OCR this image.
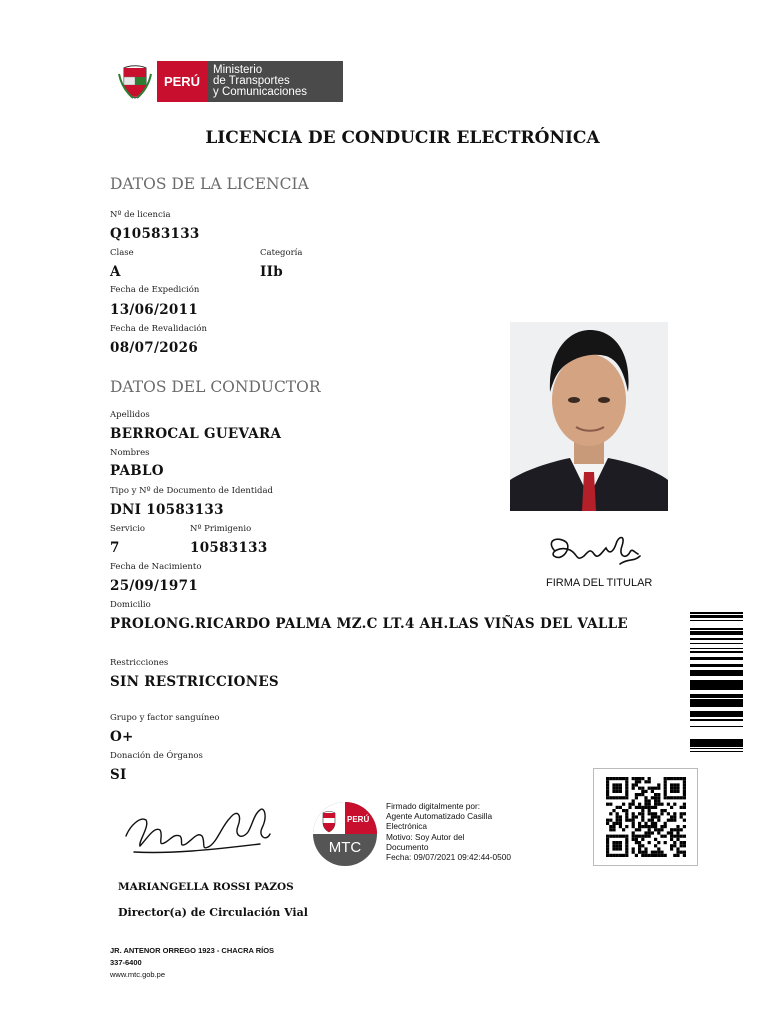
PERÚ
Ministerio
de Transportes
y Comunicaciones
LICENCIA DE CONDUCIR ELECTRÓNICA
DATOS DE LA LICENCIA
Nº de licencia
Q10583133
Clase
A
Categoría
IIb
Fecha de Expedición
13/06/2011
Fecha de Revalidación
08/07/2026
DATOS DEL CONDUCTOR
Apellidos
BERROCAL GUEVARA
Nombres
PABLO
Tipo y Nº de Documento de Identidad
DNI 10583133
Servicio
7
Nº Primigenio
10583133
Fecha de Nacimiento
25/09/1971
Domicilio
PROLONG.RICARDO PALMA MZ.C LT.4 AH.LAS VIÑAS DEL VALLE
Restricciones
SIN RESTRICCIONES
Grupo y factor sanguíneo
O+
Donación de Órganos
SI
FIRMA DEL TITULAR
PERÚ
MTC
Firmado digitalmente por:
Agente Automatizado Casilla
Electrónica
Motivo: Soy Autor del
Documento
Fecha: 09/07/2021 09:42:44-0500
MARIANGELLA ROSSI PAZOS
Director(a) de Circulación Vial
JR. ANTENOR ORREGO 1923 - CHACRA RÍOS
337-6400
www.mtc.gob.pe
